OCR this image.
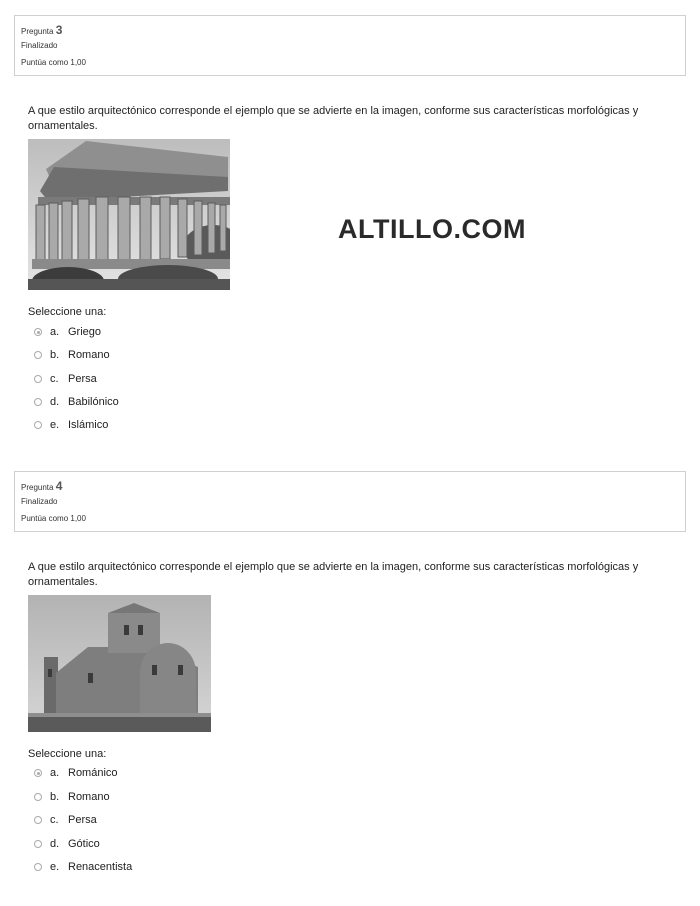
Pregunta 3
Finalizado
Puntúa como 1,00
A que estilo arquitectónico corresponde el ejemplo que se advierte en la imagen, conforme sus características morfológicas y ornamentales.
ALTILLO.COM
Seleccione una:
a. Griego
b. Romano
c. Persa
d. Babilónico
e. Islámico
Pregunta 4
Finalizado
Puntúa como 1,00
A que estilo arquitectónico corresponde el ejemplo que se advierte en la imagen, conforme sus características morfológicas y ornamentales.
Seleccione una:
a. Románico
b. Romano
c. Persa
d. Gótico
e. Renacentista
